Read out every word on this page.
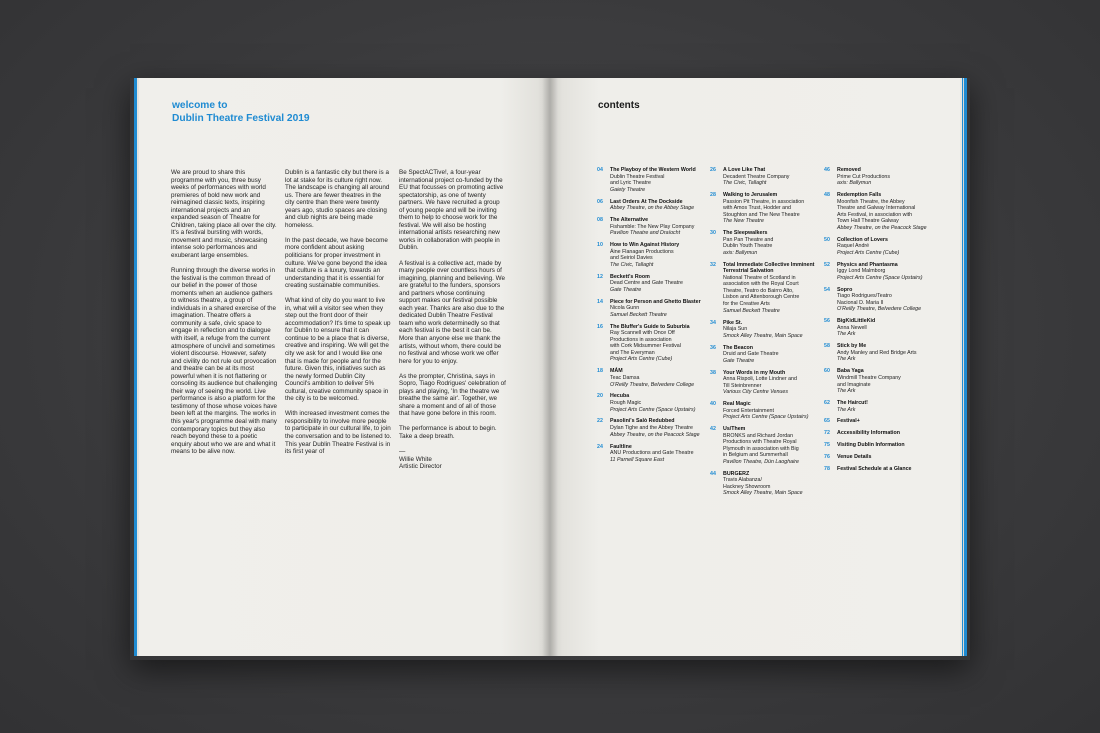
welcome to
Dublin Theatre Festival 2019

We are proud to share this programme with you, three busy weeks of performances with world premieres of bold new work and reimagined classic texts, inspiring international projects and an expanded season of Theatre for Children, taking place all over the city. It's a festival bursting with words, movement and music, showcasing intense solo performances and exuberant large ensembles.

Running through the diverse works in the festival is the common thread of our belief in the power of those moments when an audience gathers to witness theatre, a group of individuals in a shared exercise of the imagination. Theatre offers a community a safe, civic space to engage in reflection and to dialogue with itself, a refuge from the current atmosphere of uncivil and sometimes violent discourse. However, safety and civility do not rule out provocation and theatre can be at its most powerful when it is not flattering or consoling its audience but challenging their way of seeing the world. Live performance is also a platform for the testimony of those whose voices have been left at the margins. The works in this year's programme deal with many contemporary topics but they also reach beyond these to a poetic enquiry about who we are and what it means to be alive now.

Dublin is a fantastic city but there is a lot at stake for its culture right now. The landscape is changing all around us. There are fewer theatres in the city centre than there were twenty years ago, studio spaces are closing and club nights are being made homeless.

In the past decade, we have become more confident about asking politicians for proper investment in culture. We've gone beyond the idea that culture is a luxury, towards an understanding that it is essential for creating sustainable communities.

What kind of city do you want to live in, what will a visitor see when they step out the front door of their accommodation? It's time to speak up for Dublin to ensure that it can continue to be a place that is diverse, creative and inspiring. We will get the city we ask for and I would like one that is made for people and for the future. Given this, initiatives such as the newly formed Dublin City Council's ambition to deliver 5% cultural, creative community space in the city is to be welcomed.

With increased investment comes the responsibility to involve more people to participate in our cultural life, to join the conversation and to be listened to. This year Dublin Theatre Festival is in its first year of

Be SpectACTive!, a four-year international project co-funded by the EU that focusses on promoting active spectatorship, as one of twenty partners. We have recruited a group of young people and will be inviting them to help to choose work for the festival. We will also be hosting international artists researching new works in collaboration with people in Dublin.

A festival is a collective act, made by many people over countless hours of imagining, planning and believing. We are grateful to the funders, sponsors and partners whose continuing support makes our festival possible each year. Thanks are also due to the dedicated Dublin Theatre Festival team who work determinedly so that each festival is the best it can be. More than anyone else we thank the artists, without whom, there could be no festival and whose work we offer here for you to enjoy.

As the prompter, Christina, says in Sopro, Tiago Rodrigues' celebration of plays and playing, 'In the theatre we breathe the same air'. Together, we share a moment and of all of those that have gone before in this room.

The performance is about to begin. Take a deep breath.

—
Willie White
Artistic Director
contents
04 The Playboy of the Western World
Dublin Theatre Festival
and Lyric Theatre
Gaiety Theatre
06 Last Orders At The Dockside
Abbey Theatre, on the Abbey Stage
08 The Alternative
Fishamble: The New Play Company
Pavilion Theatre and Draíocht
10 How to Win Against History
Áine Flanagan Productions
and Seiriol Davies
The Civic, Tallaght
12 Beckett's Room
Dead Centre and Gate Theatre
Gate Theatre
14 Piece for Person and Ghetto Blaster
Nicola Gunn
Samuel Beckett Theatre
16 The Bluffer's Guide to Suburbia
Ray Scannell with Once Off
Productions in association
with Cork Midsummer Festival
and The Everyman
Project Arts Centre (Cube)
18 MÁM
Teac Damsa
O'Reilly Theatre, Belvedere College
20 Hecuba
Rough Magic
Project Arts Centre (Space Upstairs)
22 Pasolini's Salò Redubbed
Dylan Tighe and the Abbey Theatre
Abbey Theatre, on the Peacock Stage
24 Faultline
ANU Productions and Gate Theatre
11 Parnell Square East
26 A Love Like That
Decadent Theatre Company
The Civic, Tallaght
28 Walking to Jerusalem
Passion Pit Theatre, in association
with Amos Trust, Hodder and
Stoughton and The New Theatre
The New Theatre
30 The Sleepwalkers
Pan Pan Theatre and
Dublin Youth Theatre
axis: Ballymun
32 Total Immediate Collective Imminent Terrestrial Salvation
National Theatre of Scotland in
association with the Royal Court
Theatre, Teatro do Bairro Alto,
Lisbon and Attenborough Centre
for the Creative Arts
Samuel Beckett Theatre
34 Pike St.
Nilaja Sun
Smock Alley Theatre, Main Space
36 The Beacon
Druid and Gate Theatre
Gate Theatre
38 Your Words in my Mouth
Anna Rispoli, Lotte Lindner and
Till Steinbrenner
Various City Centre Venues
40 Real Magic
Forced Entertainment
Project Arts Centre (Space Upstairs)
42 Us/Them
BRONKS and Richard Jordan
Productions with Theatre Royal
Plymouth in association with Big
in Belgium and Summerhall
Pavilion Theatre, Dún Laoghaire
44 BURGERZ
Travis Alabanza/
Hackney Showroom
Smock Alley Theatre, Main Space
46 Removed
Prime Cut Productions
axis: Ballymun
48 Redemption Falls
Moonfish Theatre, the Abbey
Theatre and Galway International
Arts Festival, in association with
Town Hall Theatre Galway
Abbey Theatre, on the Peacock Stage
50 Collection of Lovers
Raquel André
Project Arts Centre (Cube)
52 Physics and Phantasma
Iggy Lond Malmborg
Project Arts Centre (Space Upstairs)
54 Sopro
Tiago Rodrigues/Teatro
Nacional D. Maria II
O'Reilly Theatre, Belvedere College
56 BigKidLittleKid
Anna Newell
The Ark
58 Stick by Me
Andy Manley and Red Bridge Arts
The Ark
60 Baba Yaga
Windmill Theatre Company
and Imaginate
The Ark
62 The Haircut!
The Ark
65 Festival+
72 Accessibility Information
75 Visiting Dublin Information
76 Venue Details
78 Festival Schedule at a Glance
